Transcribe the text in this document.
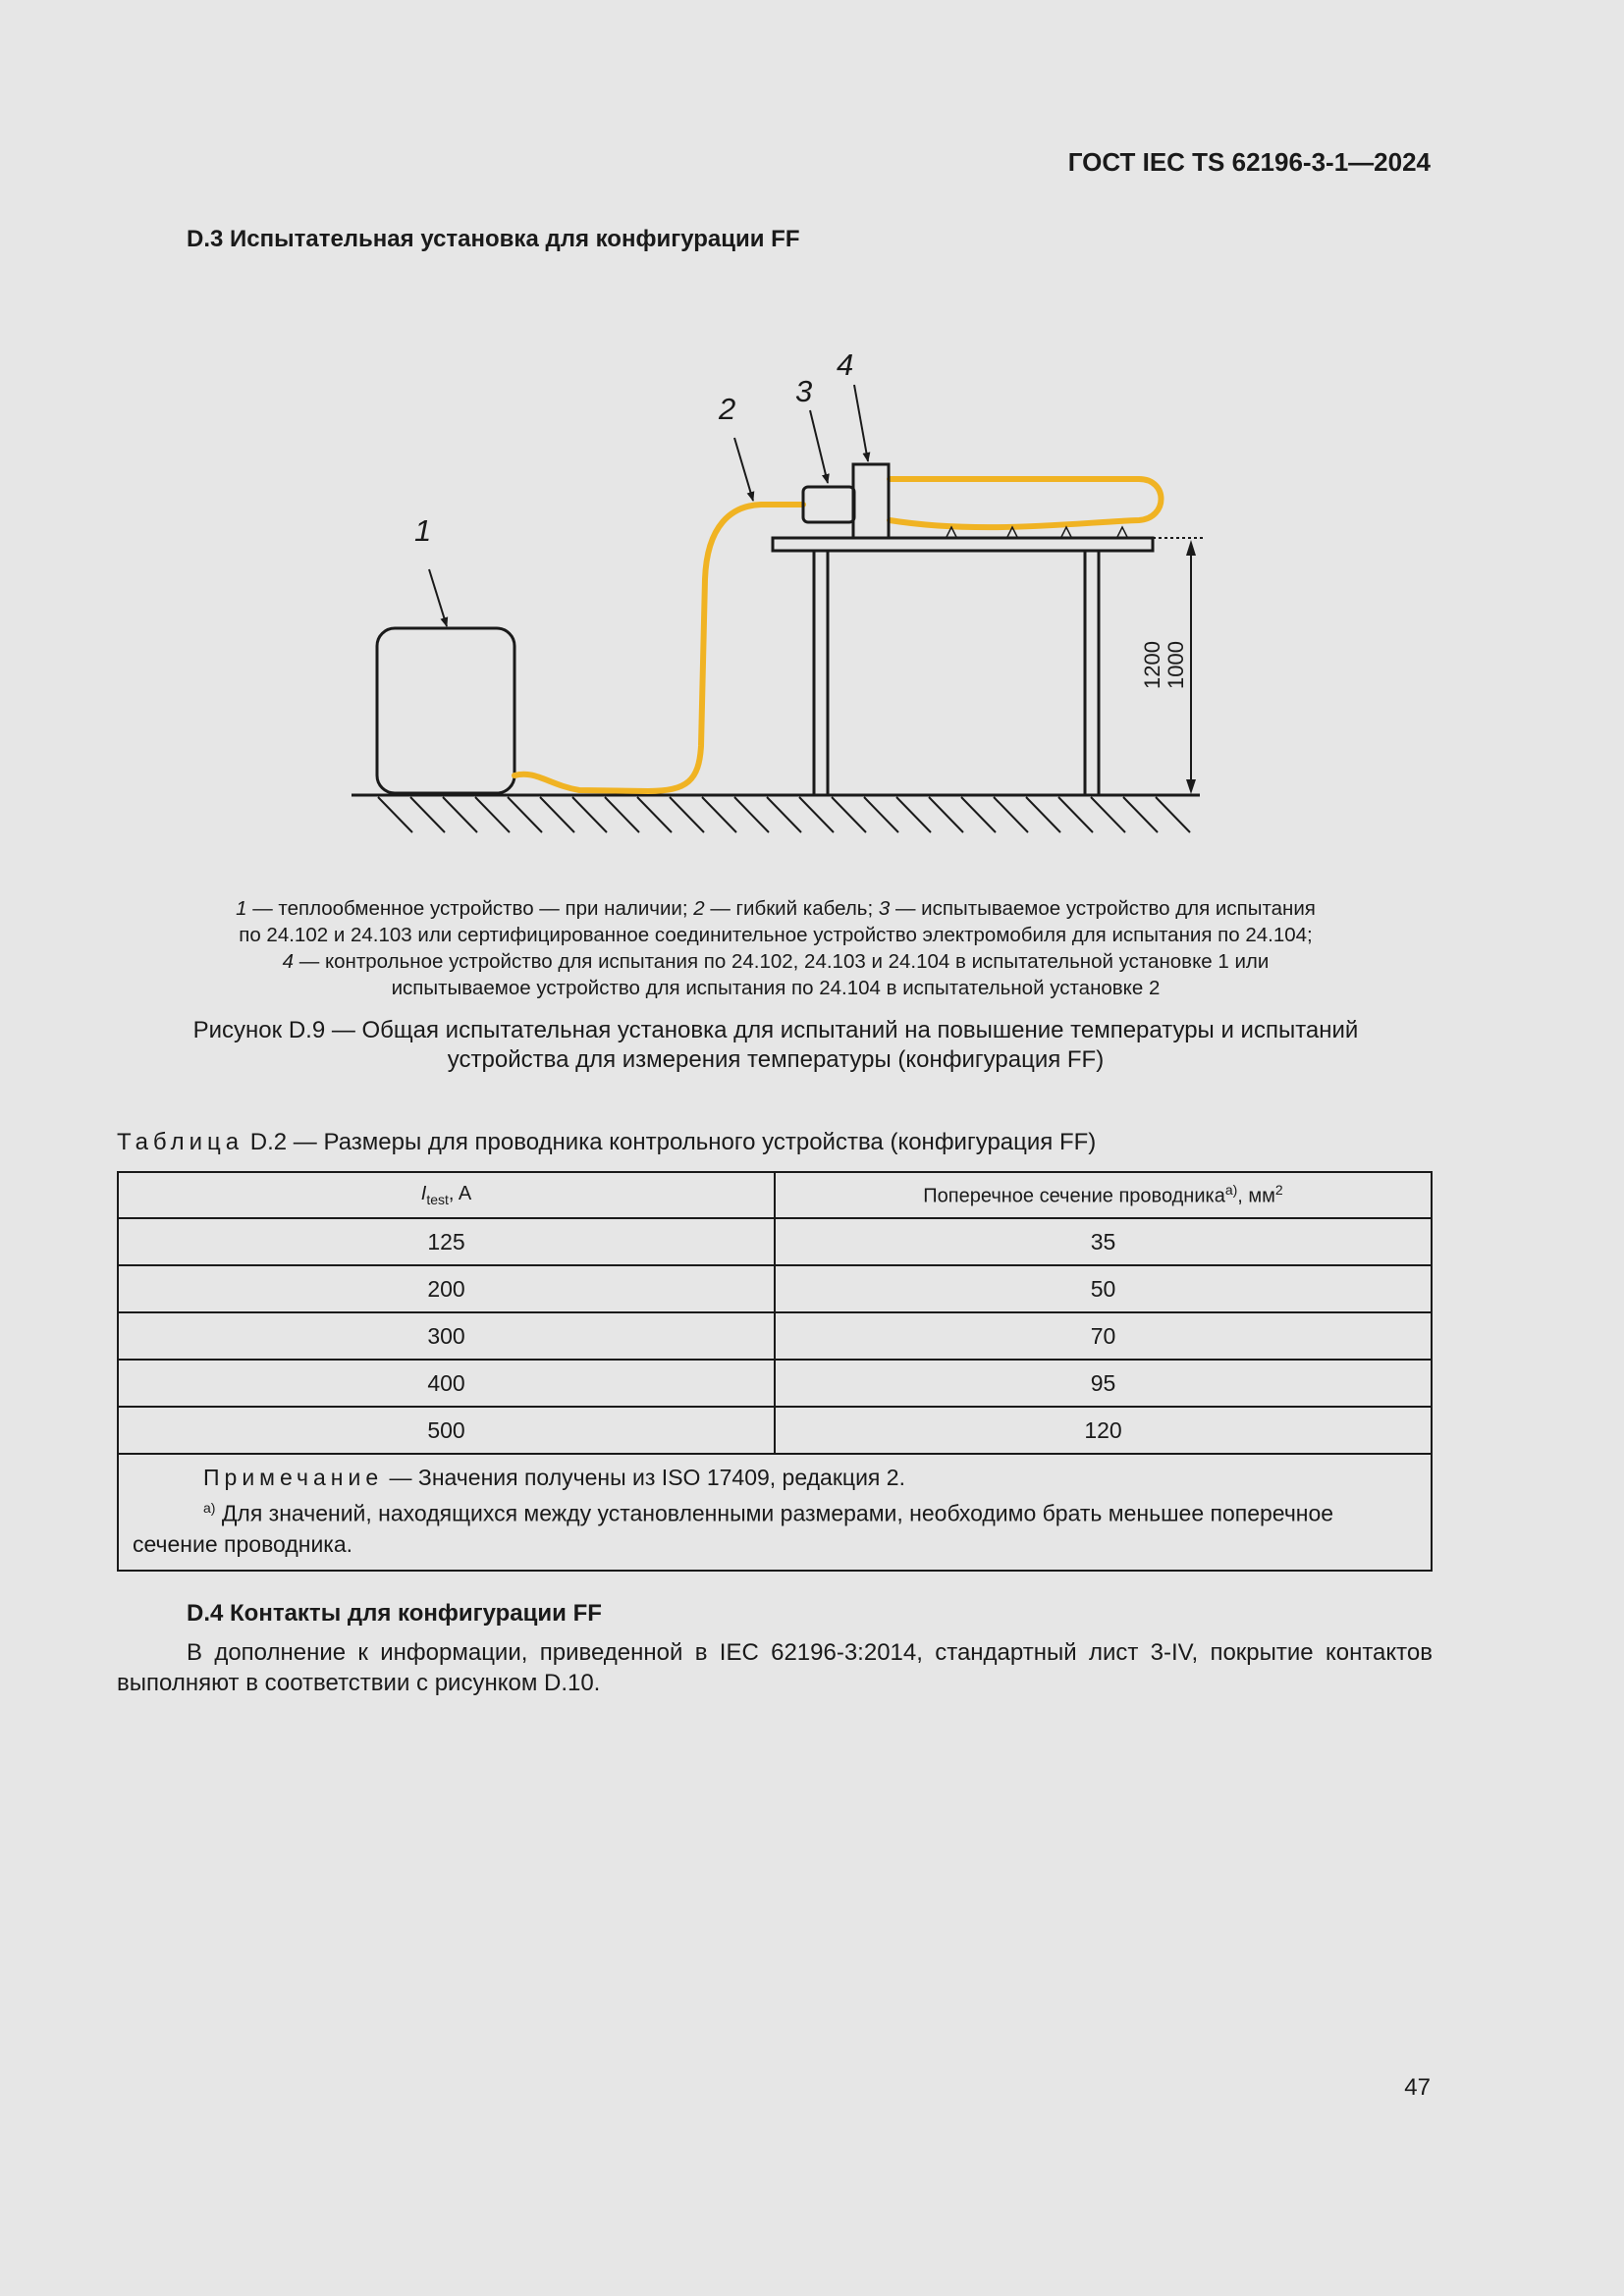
ГОСТ IEC TS 62196-3-1—2024
D.3 Испытательная установка для конфигурации FF
1
2
3
4
1200 1000
1 — теплообменное устройство — при наличии; 2 — гибкий кабель; 3 — испытываемое устройство для испытания
по 24.102 и 24.103 или сертифицированное соединительное устройство электромобиля для испытания по 24.104;
4 — контрольное устройство для испытания по 24.102, 24.103 и 24.104 в испытательной установке 1 или
испытываемое устройство для испытания по 24.104 в испытательной установке 2
Рисунок D.9 — Общая испытательная установка для испытаний на повышение температуры и испытаний
устройства для измерения температуры (конфигурация FF)
Таблица D.2 — Размеры для проводника контрольного устройства (конфигурация FF)
$I_{test}$, A	Поперечное сечение проводника$^{а)}$, $мм^2$
125	35
200	50
300	70
400	95
500	120

Примечание — Значения получены из ISO 17409, редакция 2.
$^{а)}$ Для значений, находящихся между установленными размерами, необходимо брать меньшее поперечное сечение проводника.	
D.4 Контакты для конфигурации FF
В дополнение к информации, приведенной в IEC 62196-3:2014, стандартный лист 3-IV, покрытие контактов выполняют в соответствии с рисунком D.10.
47
